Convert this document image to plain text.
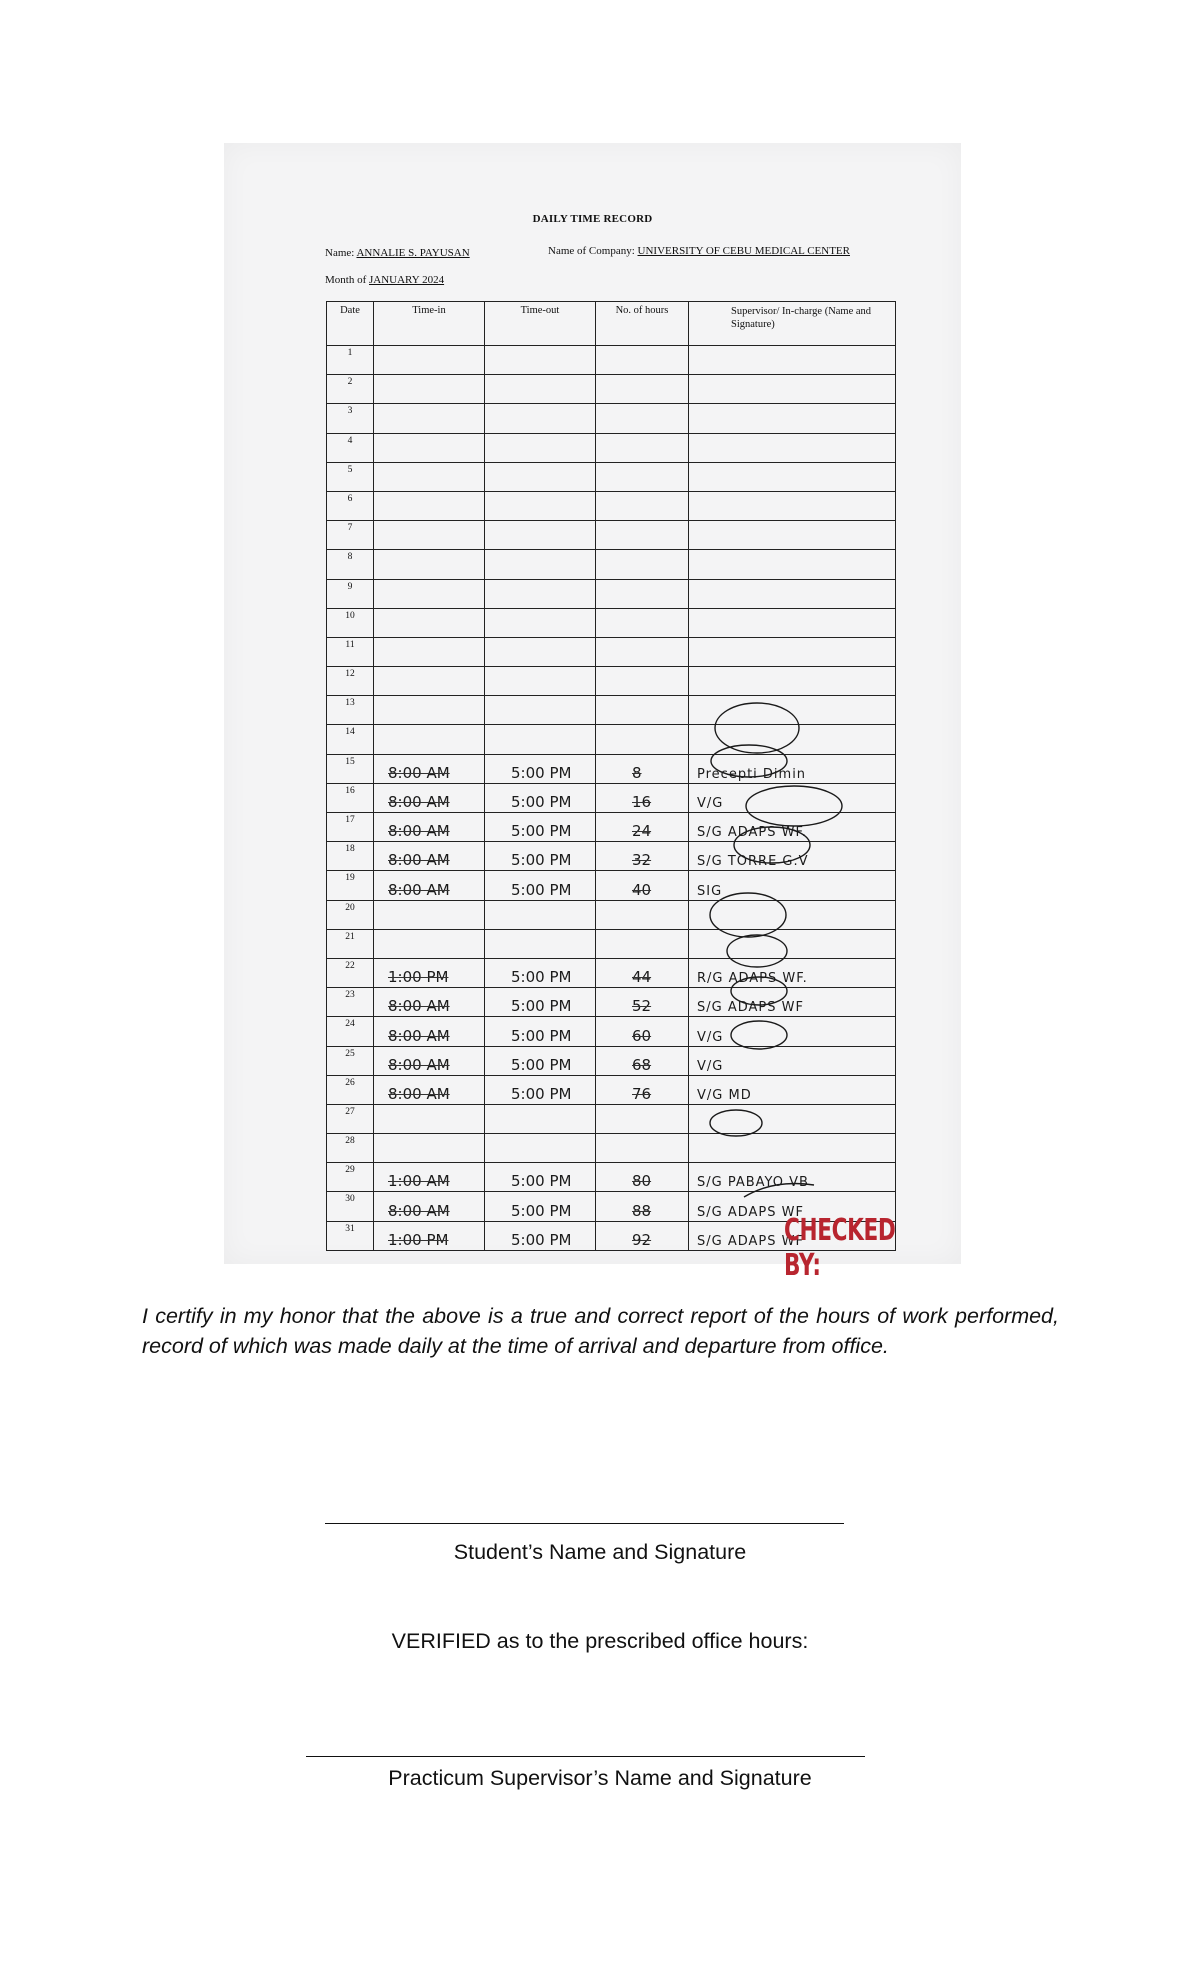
DAILY TIME RECORD
Name: ANNALIE S. PAYUSAN	Name of Company: UNIVERSITY OF CEBU MEDICAL CENTER
Month of JANUARY 2024
Date	Time-in	Time-out	No. of hours	Supervisor/ In-charge (Name and Signature)
1				
2				
3				
4				
5				
6				
7				
8				
9				
10				
11				
12				
13				
14				
15	8:00 AM	5:00 PM	8	Precepti Dimin
16	8:00 AM	5:00 PM	16	V/G
17	8:00 AM	5:00 PM	24	S/G ADAPS WF.
18	8:00 AM	5:00 PM	32	S/G TORRE G.V
19	8:00 AM	5:00 PM	40	SIG
20				
21				
22	1:00 PM	5:00 PM	44	R/G ADAPS WF.
23	8:00 AM	5:00 PM	52	S/G ADAPS WF
24	8:00 AM	5:00 PM	60	V/G
25	8:00 AM	5:00 PM	68	V/G
26	8:00 AM	5:00 PM	76	V/G MD
27				
28				
29	1:00 AM	5:00 PM	80	S/G PABAYO VB
30	8:00 AM	5:00 PM	88	S/G ADAPS WF
31	1:00 PM	5:00 PM	92	S/G ADAPS WF
CHECKED BY:
I certify in my honor that the above is a true and correct report of the hours of work performed, record of which was made daily at the time of arrival and departure from office.
Student’s Name and Signature
VERIFIED as to the prescribed office hours:
Practicum Supervisor’s Name and Signature
